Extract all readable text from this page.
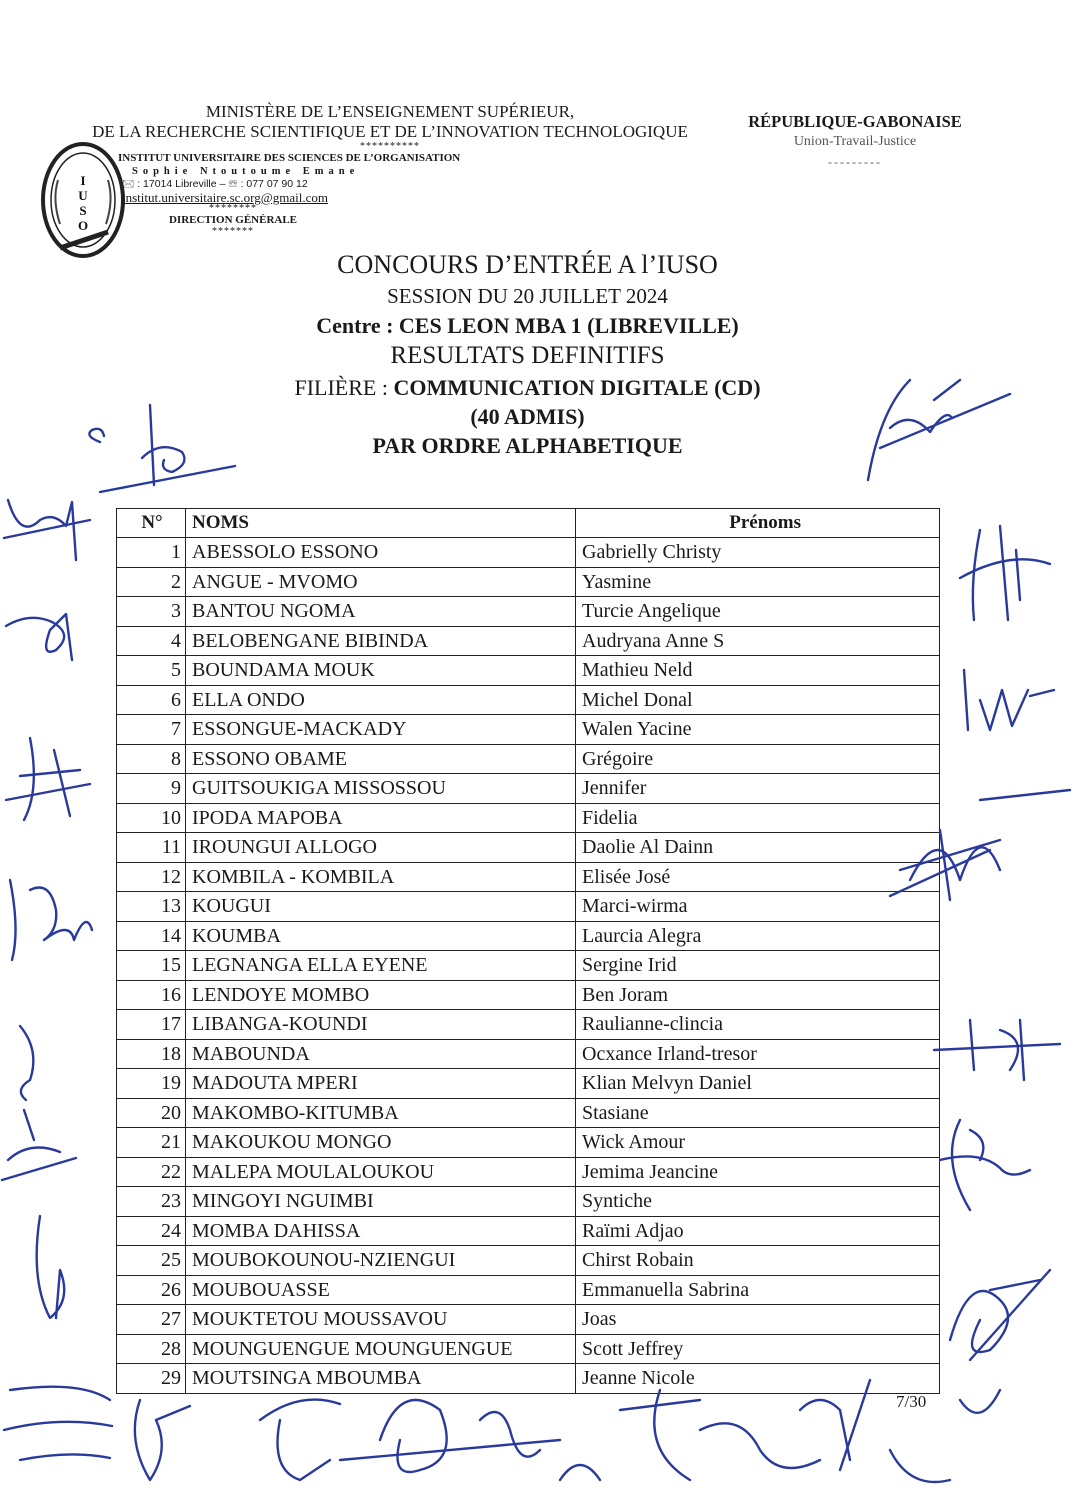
MINISTÈRE DE L’ENSEIGNEMENT SUPÉRIEUR,
DE LA RECHERCHE SCIENTIFIQUE ET DE L’INNOVATION TECHNOLOGIQUE
**********
RÉPUBLIQUE-GABONAISE
Union-Travail-Justice
---------
I
U
S
O
INSTITUT UNIVERSITAIRE DES SCIENCES DE L’ORGANISATION
Sophie Ntoutoume Emane
🖂 : 17014 Libreville – ☏ : 077 07 90 12
institut.universitaire.sc.org@gmail.com
********
DIRECTION GÉNÉRALE
*******
CONCOURS D’ENTRÉE A l’IUSO
SESSION DU 20 JUILLET 2024
Centre : CES LEON MBA 1 (LIBREVILLE)
RESULTATS DEFINITIFS
FILIÈRE : COMMUNICATION DIGITALE (CD)
(40 ADMIS)
PAR ORDRE ALPHABETIQUE
N°	NOMS	Prénoms
1	ABESSOLO ESSONO	Gabrielly Christy
2	ANGUE - MVOMO	Yasmine
3	BANTOU NGOMA	Turcie Angelique
4	BELOBENGANE BIBINDA	Audryana Anne S
5	BOUNDAMA MOUK	Mathieu Neld
6	ELLA ONDO	Michel Donal
7	ESSONGUE-MACKADY	Walen Yacine
8	ESSONO OBAME	Grégoire
9	GUITSOUKIGA MISSOSSOU	Jennifer
10	IPODA MAPOBA	Fidelia
11	IROUNGUI ALLOGO	Daolie Al Dainn
12	KOMBILA - KOMBILA	Elisée José
13	KOUGUI	Marci-wirma
14	KOUMBA	Laurcia Alegra
15	LEGNANGA ELLA EYENE	Sergine Irid
16	LENDOYE MOMBO	Ben Joram
17	LIBANGA-KOUNDI	Raulianne-clincia
18	MABOUNDA	Ocxance Irland-tresor
19	MADOUTA MPERI	Klian Melvyn Daniel
20	MAKOMBO-KITUMBA	Stasiane
21	MAKOUKOU MONGO	Wick Amour
22	MALEPA MOULALOUKOU	Jemima Jeancine
23	MINGOYI NGUIMBI	Syntiche
24	MOMBA DAHISSA	Raïmi Adjao
25	MOUBOKOUNOU-NZIENGUI	Chirst Robain
26	MOUBOUASSE	Emmanuella Sabrina
27	MOUKTETOU MOUSSAVOU	Joas
28	MOUNGUENGUE MOUNGUENGUE	Scott Jeffrey
29	MOUTSINGA MBOUMBA	Jeanne Nicole
7/30
